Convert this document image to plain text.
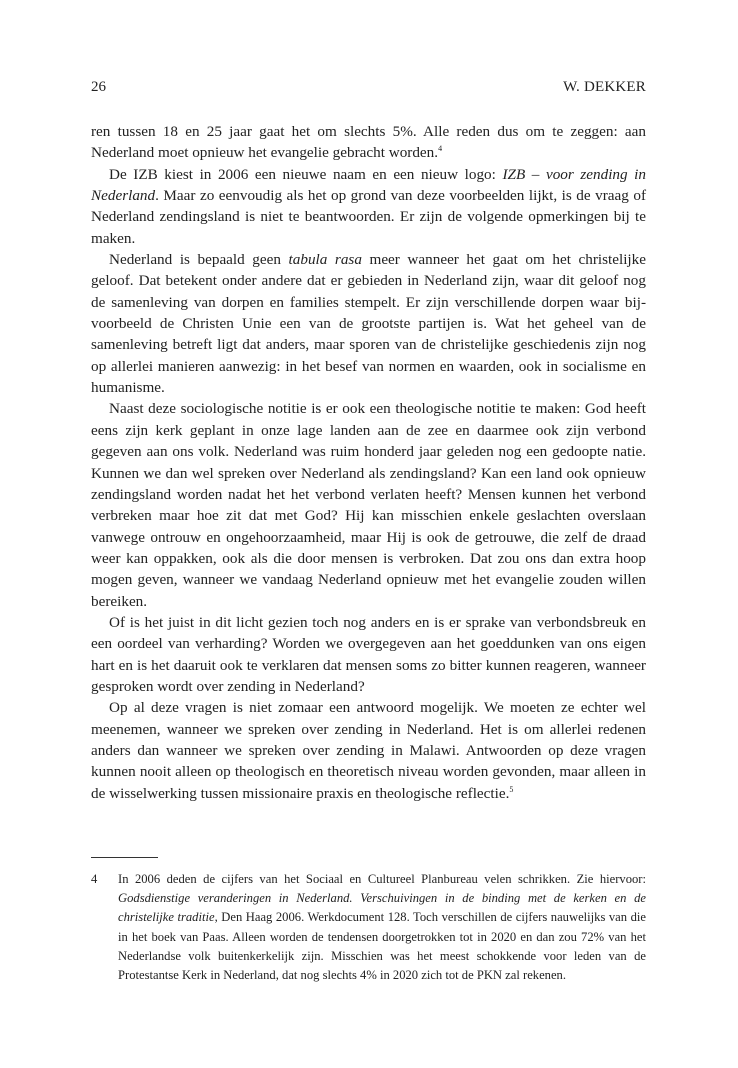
26	W. DEKKER

ren tussen 18 en 25 jaar gaat het om slechts 5%. Alle reden dus om te zeggen: aan Nederland moet opnieuw het evangelie gebracht worden.$^4$

De IZB kiest in 2006 een nieuwe naam en een nieuw logo: IZB – voor zending in Nederland. Maar zo eenvoudig als het op grond van deze voorbeelden lijkt, is de vraag of Nederland zendingsland is niet te beantwoorden. Er zijn de volgende opmerkingen bij te maken.

Nederland is bepaald geen tabula rasa meer wanneer het gaat om het christelijke geloof. Dat betekent onder andere dat er gebieden in Nederland zijn, waar dit geloof nog de samenleving van dorpen en families stempelt. Er zijn verschillende dorpen waar bijvoorbeeld de Christen Unie een van de grootste partijen is. Wat het geheel van de samenleving betreft ligt dat anders, maar sporen van de christelijke geschiedenis zijn nog op allerlei manieren aanwezig: in het besef van normen en waarden, ook in socialisme en humanisme.

Naast deze sociologische notitie is er ook een theologische notitie te maken: God heeft eens zijn kerk geplant in onze lage landen aan de zee en daarmee ook zijn verbond gegeven aan ons volk. Nederland was ruim honderd jaar geleden nog een gedoopte natie. Kunnen we dan wel spreken over Nederland als zendingsland? Kan een land ook opnieuw zendingsland worden nadat het het verbond verlaten heeft? Mensen kunnen het verbond verbreken maar hoe zit dat met God? Hij kan misschien enkele geslachten overslaan vanwege ontrouw en ongehoorzaamheid, maar Hij is ook de getrouwe, die zelf de draad weer kan oppakken, ook als die door mensen is verbroken. Dat zou ons dan extra hoop mogen geven, wanneer we vandaag Nederland opnieuw met het evangelie zouden willen bereiken.

Of is het juist in dit licht gezien toch nog anders en is er sprake van verbondsbreuk en een oordeel van verharding? Worden we overgegeven aan het goeddunken van ons eigen hart en is het daaruit ook te verklaren dat mensen soms zo bitter kunnen reageren, wanneer gesproken wordt over zending in Nederland?

Op al deze vragen is niet zomaar een antwoord mogelijk. We moeten ze echter wel meenemen, wanneer we spreken over zending in Nederland. Het is om allerlei redenen anders dan wanneer we spreken over zending in Malawi. Antwoorden op deze vragen kunnen nooit alleen op theologisch en theoretisch niveau worden gevonden, maar alleen in de wisselwerking tussen missionaire praxis en theologische reflectie.$^5$

4 In 2006 deden de cijfers van het Sociaal en Cultureel Planbureau velen schrikken. Zie hiervoor: Godsdienstige veranderingen in Nederland. Verschuivingen in de binding met de kerken en de christelijke traditie, Den Haag 2006. Werkdocument 128. Toch verschillen de cijfers nauwelijks van die in het boek van Paas. Alleen worden de tendensen doorgetrokken tot in 2020 en dan zou 72% van het Nederlandse volk buitenkerkelijk zijn. Misschien was het meest schokkende voor leden van de Protestantse Kerk in Nederland, dat nog slechts 4% in 2020 zich tot de PKN zal rekenen.
